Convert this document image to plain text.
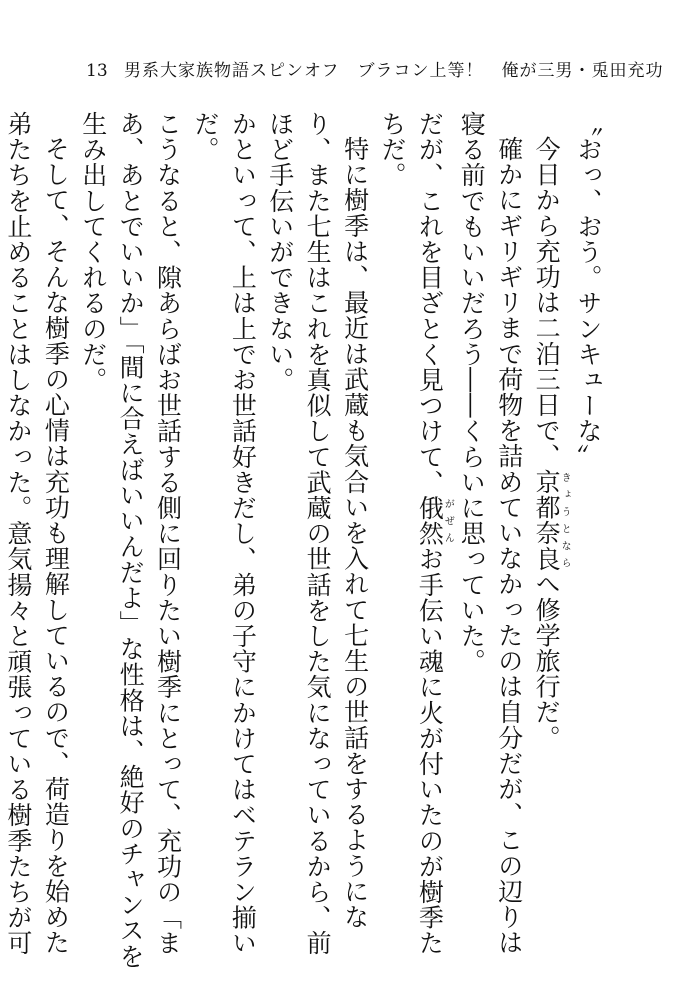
13 男系大家族物語スピンオフ　ブラコン上等！　俺が三男・兎田充功
〝おっ、おう。サンキューな〟
今日から充功は二泊三日で、京都奈良きょうとならへ修学旅行だ。
確かにギリギリまで荷物を詰めていなかったのは自分だが、この辺りは寝る前でもいいだろう――くらいに思っていた。
だが、これを目ざとく見つけて、俄然がぜんお手伝い魂に火が付いたのが樹季たちだ。
特に樹季は、最近は武蔵も気合いを入れて七生の世話をするようになり、また七生はこれを真似して武蔵の世話をした気になっているから、前ほど手伝いができない。
かといって、上は上でお世話好きだし、弟の子守にかけてはベテラン揃いだ。
こうなると、隙あらばお世話する側に回りたい樹季にとって、充功の「まあ、あとでいいか」「間に合えばいいんだよ」な性格は、絶好のチャンスを生み出してくれるのだ。
そして、そんな樹季の心情は充功も理解しているので、荷造りを始めた弟たちを止めることはしなかった。意気揚々と頑張っている樹季たちが可
